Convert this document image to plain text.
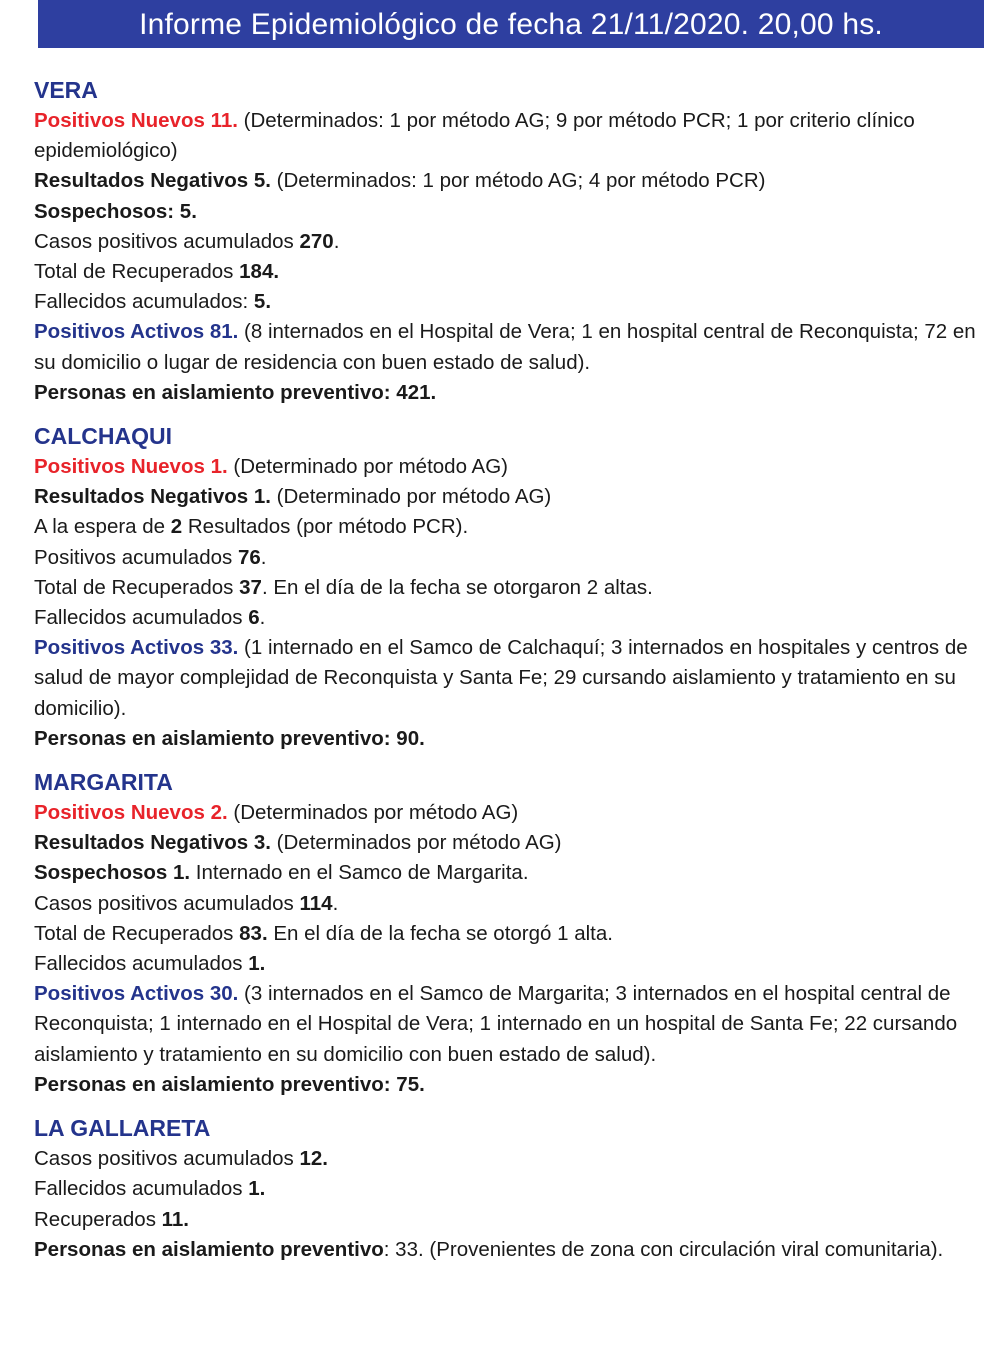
Informe Epidemiológico de fecha 21/11/2020. 20,00 hs.
VERA
Positivos Nuevos 11. (Determinados: 1 por método AG; 9 por método PCR; 1 por criterio clínico epidemiológico)
Resultados Negativos 5. (Determinados: 1 por método AG; 4 por método PCR)
Sospechosos: 5.
Casos positivos acumulados 270.
Total de Recuperados 184.
Fallecidos acumulados: 5.
Positivos Activos 81. (8 internados en el Hospital de Vera; 1 en hospital central de Reconquista; 72 en su domicilio o lugar de residencia con buen estado de salud).
Personas en aislamiento preventivo: 421.
CALCHAQUI
Positivos Nuevos 1. (Determinado por método AG)
Resultados Negativos 1. (Determinado por método AG)
A la espera de 2 Resultados (por método PCR).
Positivos acumulados 76.
Total de Recuperados 37. En el día de la fecha se otorgaron 2 altas.
Fallecidos acumulados 6.
Positivos Activos 33. (1 internado en el Samco de Calchaquí; 3 internados en hospitales y centros de salud de mayor complejidad de Reconquista y Santa Fe; 29 cursando aislamiento y tratamiento en su domicilio).
Personas en aislamiento preventivo: 90.
MARGARITA
Positivos Nuevos 2. (Determinados por método AG)
Resultados Negativos 3. (Determinados por método AG)
Sospechosos 1. Internado en el Samco de Margarita.
Casos positivos acumulados 114.
Total de Recuperados 83. En el día de la fecha se otorgó 1 alta.
Fallecidos acumulados 1.
Positivos Activos 30. (3 internados en el Samco de Margarita; 3 internados en el hospital central de Reconquista; 1 internado en el Hospital de Vera; 1 internado en un hospital de Santa Fe; 22 cursando aislamiento y tratamiento en su domicilio con buen estado de salud).
Personas en aislamiento preventivo: 75.
LA GALLARETA
Casos positivos acumulados 12.
Fallecidos acumulados 1.
Recuperados 11.
Personas en aislamiento preventivo: 33. (Provenientes de zona con circulación viral comunitaria).
